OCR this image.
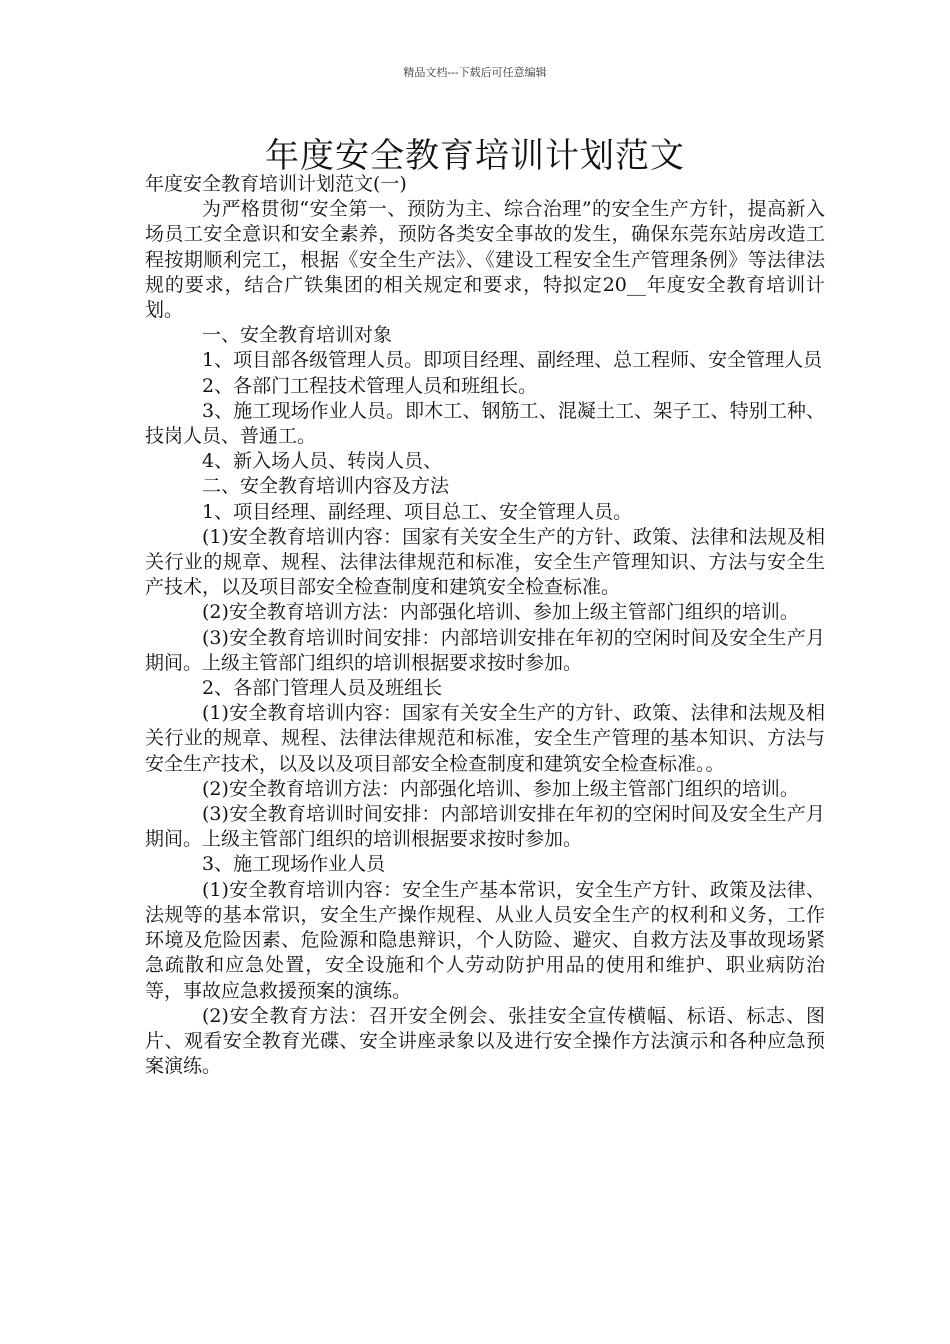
精品文档---下载后可任意编辑
年度安全教育培训计划范文

年度安全教育培训计划范文(一)

为严格贯彻“安全第一、预防为主、综合治理”的安全生产方针，提高新入场员工安全意识和安全素养，预防各类安全事故的发生，确保东莞东站房改造工程按期顺利完工，根据《安全生产法》、《建设工程安全生产管理条例》等法律法规的要求，结合广铁集团的相关规定和要求，特拟定20__年度安全教育培训计划。

一、安全教育培训对象

1、项目部各级管理人员。即项目经理、副经理、总工程师、安全管理人员

2、各部门工程技术管理人员和班组长。

3、施工现场作业人员。即木工、钢筋工、混凝土工、架子工、特别工种、技岗人员、普通工。

4、新入场人员、转岗人员、

二、安全教育培训内容及方法

1、项目经理、副经理、项目总工、安全管理人员。

(1)安全教育培训内容：国家有关安全生产的方针、政策、法律和法规及相关行业的规章、规程、法律法律规范和标准，安全生产管理知识、方法与安全生产技术，以及项目部安全检查制度和建筑安全检查标准。

(2)安全教育培训方法：内部强化培训、参加上级主管部门组织的培训。

(3)安全教育培训时间安排：内部培训安排在年初的空闲时间及安全生产月期间。上级主管部门组织的培训根据要求按时参加。

2、各部门管理人员及班组长

(1)安全教育培训内容：国家有关安全生产的方针、政策、法律和法规及相关行业的规章、规程、法律法律规范和标准，安全生产管理的基本知识、方法与安全生产技术，以及以及项目部安全检查制度和建筑安全检查标准。。

(2)安全教育培训方法：内部强化培训、参加上级主管部门组织的培训。

(3)安全教育培训时间安排：内部培训安排在年初的空闲时间及安全生产月期间。上级主管部门组织的培训根据要求按时参加。

3、施工现场作业人员

(1)安全教育培训内容：安全生产基本常识，安全生产方针、政策及法律、法规等的基本常识，安全生产操作规程、从业人员安全生产的权利和义务，工作环境及危险因素、危险源和隐患辩识，个人防险、避灾、自救方法及事故现场紧急疏散和应急处置，安全设施和个人劳动防护用品的使用和维护、职业病防治等，事故应急救援预案的演练。

(2)安全教育方法：召开安全例会、张挂安全宣传横幅、标语、标志、图片、观看安全教育光碟、安全讲座录象以及进行安全操作方法演示和各种应急预案演练。
